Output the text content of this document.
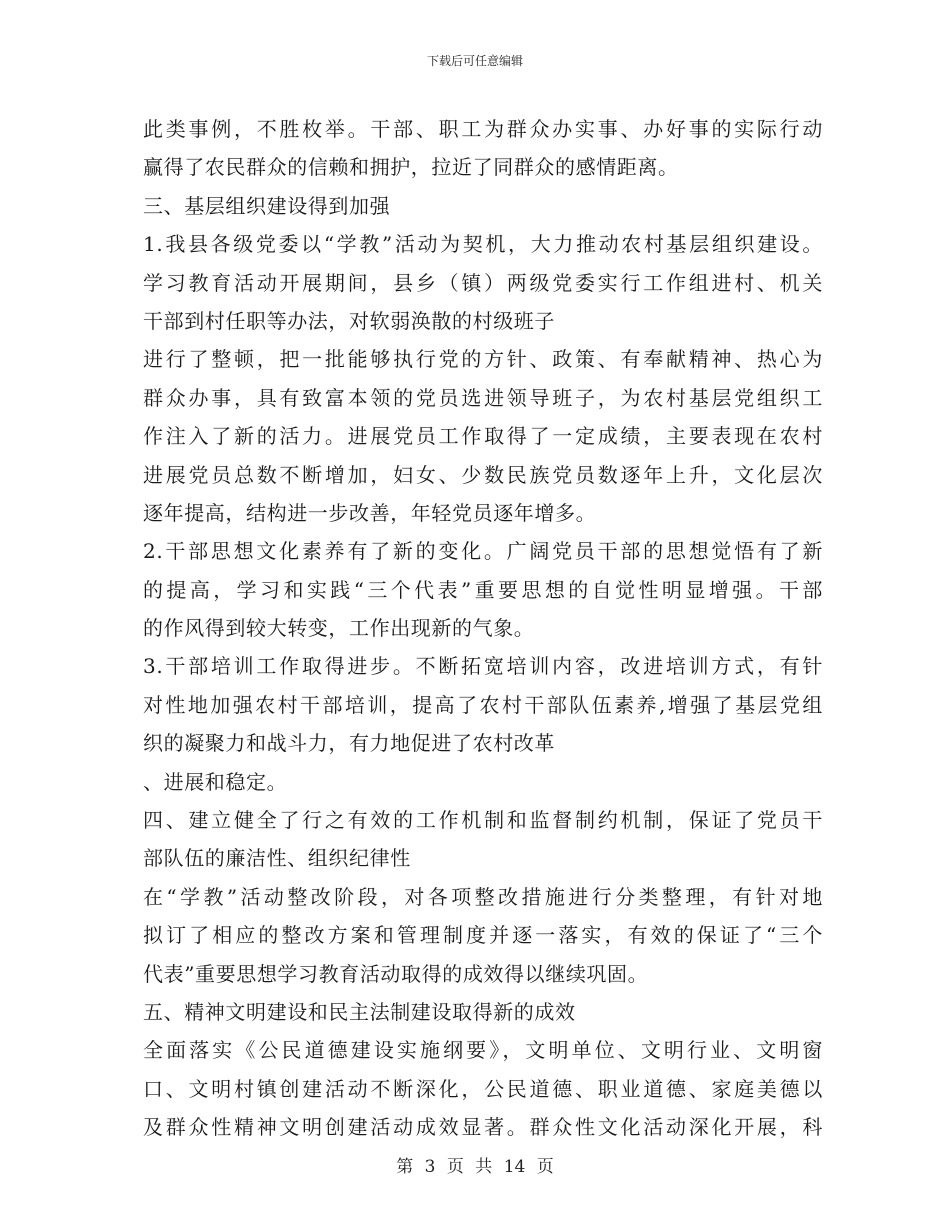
下载后可任意编辑
此类事例，不胜枚举。干部、职工为群众办实事、办好事的实际行动
赢得了农民群众的信赖和拥护，拉近了同群众的感情距离。
三、基层组织建设得到加强
1.我县各级党委以“学教”活动为契机，大力推动农村基层组织建设。
学习教育活动开展期间，县乡（镇）两级党委实行工作组进村、机关
干部到村任职等办法，对软弱涣散的村级班子
进行了整顿，把一批能够执行党的方针、政策、有奉献精神、热心为
群众办事，具有致富本领的党员选进领导班子，为农村基层党组织工
作注入了新的活力。进展党员工作取得了一定成绩，主要表现在农村
进展党员总数不断增加，妇女、少数民族党员数逐年上升，文化层次
逐年提高，结构进一步改善，年轻党员逐年增多。
2.干部思想文化素养有了新的变化。广阔党员干部的思想觉悟有了新
的提高，学习和实践“三个代表”重要思想的自觉性明显增强。干部
的作风得到较大转变，工作出现新的气象。
3.干部培训工作取得进步。不断拓宽培训内容，改进培训方式，有针
对性地加强农村干部培训，提高了农村干部队伍素养,增强了基层党组
织的凝聚力和战斗力，有力地促进了农村改革
、进展和稳定。
四、建立健全了行之有效的工作机制和监督制约机制，保证了党员干
部队伍的廉洁性、组织纪律性
在“学教”活动整改阶段，对各项整改措施进行分类整理，有针对地
拟订了相应的整改方案和管理制度并逐一落实，有效的保证了“三个
代表”重要思想学习教育活动取得的成效得以继续巩固。
五、精神文明建设和民主法制建设取得新的成效
全面落实《公民道德建设实施纲要》，文明单位、文明行业、文明窗
口、文明村镇创建活动不断深化，公民道德、职业道德、家庭美德以
及群众性精神文明创建活动成效显著。群众性文化活动深化开展，科
第 3 页 共 14 页
